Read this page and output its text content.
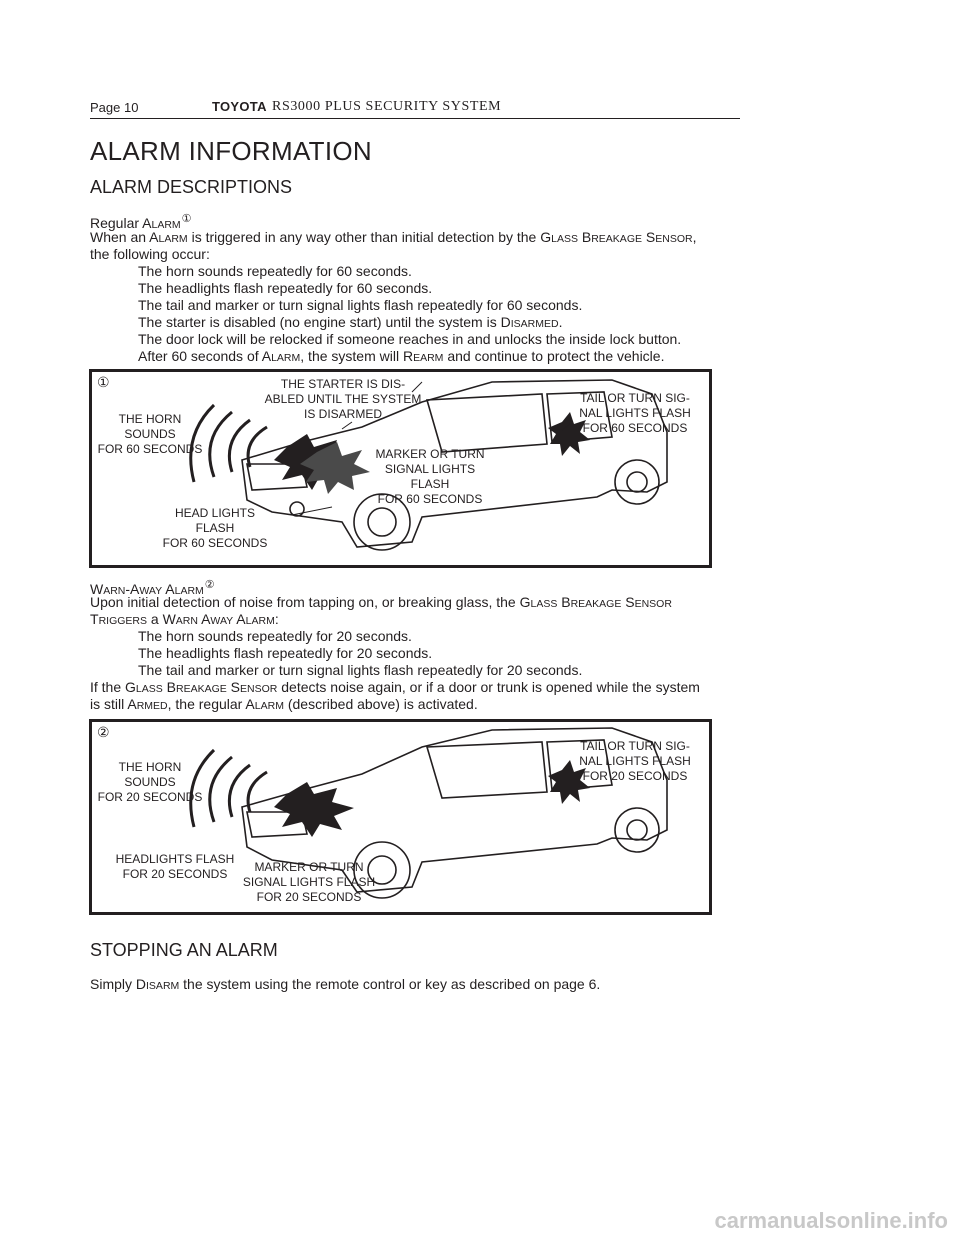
Page 10	TOYOTA RS3000 PLUS SECURITY SYSTEM
ALARM INFORMATION
ALARM DESCRIPTIONS
Regular ALARM①
When an ALARM is triggered in any way other than initial detection by the GLASS BREAKAGE SENSOR,
the following occur:
The horn sounds repeatedly for 60 seconds.
The headlights flash repeatedly for 60 seconds.
The tail and marker or turn signal lights flash repeatedly for 60 seconds.
The starter is disabled (no engine start) until the system is DISARMED.
The door lock will be relocked if someone reaches in and unlocks the inside lock button.
After 60 seconds of ALARM, the system will REARM and continue to protect the vehicle.
①
THE HORN
SOUNDS
FOR 60 SECONDS
THE STARTER IS DIS-
ABLED UNTIL THE SYSTEM
IS DISARMED
TAIL OR TURN SIG-
NAL LIGHTS FLASH
FOR 60 SECONDS
MARKER OR TURN
SIGNAL LIGHTS
FLASH
FOR 60 SECONDS
HEAD LIGHTS
FLASH
FOR 60 SECONDS
WARN-AWAY ALARM②
Upon initial detection of noise from tapping on, or breaking glass, the GLASS BREAKAGE SENSOR
TRIGGERS a WARN AWAY ALARM:
The horn sounds repeatedly for 20 seconds.
The headlights flash repeatedly for 20 seconds.
The tail and marker or turn signal lights flash repeatedly for 20 seconds.
If the GLASS BREAKAGE SENSOR detects noise again, or if a door or trunk is opened while the system
is still ARMED, the regular ALARM (described above) is activated.
②
THE HORN
SOUNDS
FOR 20 SECONDS
TAIL OR TURN SIG-
NAL LIGHTS FLASH
FOR 20 SECONDS
HEADLIGHTS FLASH
FOR 20 SECONDS	MARKER OR TURN
SIGNAL LIGHTS FLASH
FOR 20 SECONDS
STOPPING AN ALARM
Simply DISARM the system using the remote control or key as described on page 6.
carmanualsonline.info
